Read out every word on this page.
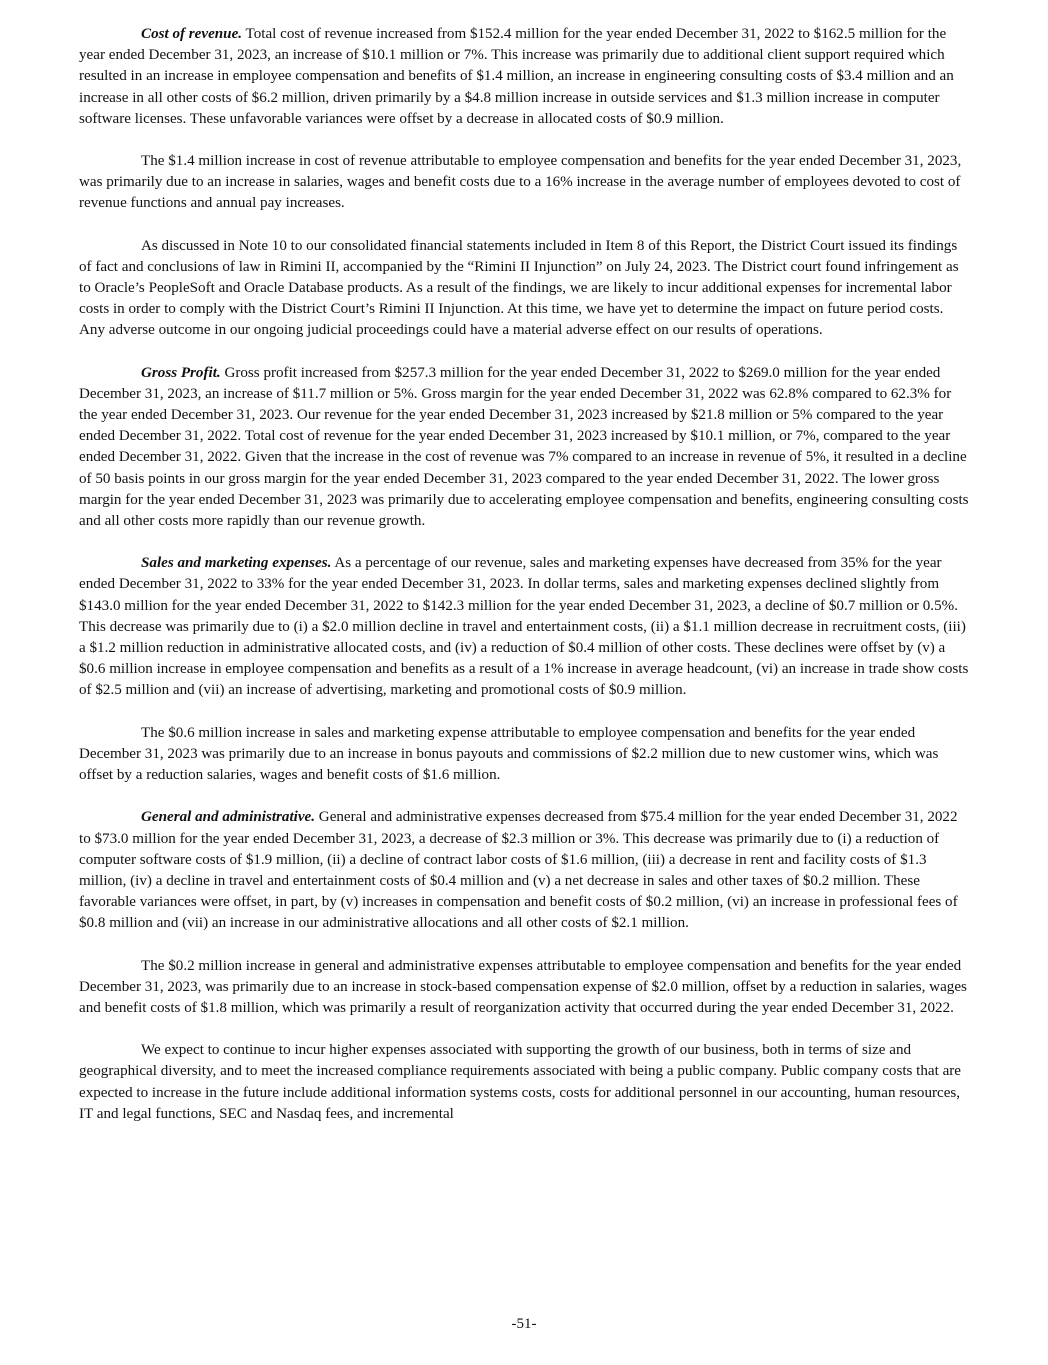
Cost of revenue. Total cost of revenue increased from $152.4 million for the year ended December 31, 2022 to $162.5 million for the year ended December 31, 2023, an increase of $10.1 million or 7%. This increase was primarily due to additional client support required which resulted in an increase in employee compensation and benefits of $1.4 million, an increase in engineering consulting costs of $3.4 million and an increase in all other costs of $6.2 million, driven primarily by a $4.8 million increase in outside services and $1.3 million increase in computer software licenses. These unfavorable variances were offset by a decrease in allocated costs of $0.9 million.

The $1.4 million increase in cost of revenue attributable to employee compensation and benefits for the year ended December 31, 2023, was primarily due to an increase in salaries, wages and benefit costs due to a 16% increase in the average number of employees devoted to cost of revenue functions and annual pay increases.

As discussed in Note 10 to our consolidated financial statements included in Item 8 of this Report, the District Court issued its findings of fact and conclusions of law in Rimini II, accompanied by the “Rimini II Injunction” on July 24, 2023. The District court found infringement as to Oracle’s PeopleSoft and Oracle Database products. As a result of the findings, we are likely to incur additional expenses for incremental labor costs in order to comply with the District Court’s Rimini II Injunction. At this time, we have yet to determine the impact on future period costs. Any adverse outcome in our ongoing judicial proceedings could have a material adverse effect on our results of operations.

Gross Profit. Gross profit increased from $257.3 million for the year ended December 31, 2022 to $269.0 million for the year ended December 31, 2023, an increase of $11.7 million or 5%. Gross margin for the year ended December 31, 2022 was 62.8% compared to 62.3% for the year ended December 31, 2023. Our revenue for the year ended December 31, 2023 increased by $21.8 million or 5% compared to the year ended December 31, 2022. Total cost of revenue for the year ended December 31, 2023 increased by $10.1 million, or 7%, compared to the year ended December 31, 2022. Given that the increase in the cost of revenue was 7% compared to an increase in revenue of 5%, it resulted in a decline of 50 basis points in our gross margin for the year ended December 31, 2023 compared to the year ended December 31, 2022. The lower gross margin for the year ended December 31, 2023 was primarily due to accelerating employee compensation and benefits, engineering consulting costs and all other costs more rapidly than our revenue growth.

Sales and marketing expenses. As a percentage of our revenue, sales and marketing expenses have decreased from 35% for the year ended December 31, 2022 to 33% for the year ended December 31, 2023. In dollar terms, sales and marketing expenses declined slightly from $143.0 million for the year ended December 31, 2022 to $142.3 million for the year ended December 31, 2023, a decline of $0.7 million or 0.5%. This decrease was primarily due to (i) a $2.0 million decline in travel and entertainment costs, (ii) a $1.1 million decrease in recruitment costs, (iii) a $1.2 million reduction in administrative allocated costs, and (iv) a reduction of $0.4 million of other costs. These declines were offset by (v) a $0.6 million increase in employee compensation and benefits as a result of a 1% increase in average headcount, (vi) an increase in trade show costs of $2.5 million and (vii) an increase of advertising, marketing and promotional costs of $0.9 million.

The $0.6 million increase in sales and marketing expense attributable to employee compensation and benefits for the year ended December 31, 2023 was primarily due to an increase in bonus payouts and commissions of $2.2 million due to new customer wins, which was offset by a reduction salaries, wages and benefit costs of $1.6 million.

General and administrative. General and administrative expenses decreased from $75.4 million for the year ended December 31, 2022 to $73.0 million for the year ended December 31, 2023, a decrease of $2.3 million or 3%. This decrease was primarily due to (i) a reduction of computer software costs of $1.9 million, (ii) a decline of contract labor costs of $1.6 million, (iii) a decrease in rent and facility costs of $1.3 million, (iv) a decline in travel and entertainment costs of $0.4 million and (v) a net decrease in sales and other taxes of $0.2 million. These favorable variances were offset, in part, by (v) increases in compensation and benefit costs of $0.2 million, (vi) an increase in professional fees of $0.8 million and (vii) an increase in our administrative allocations and all other costs of $2.1 million.

The $0.2 million increase in general and administrative expenses attributable to employee compensation and benefits for the year ended December 31, 2023, was primarily due to an increase in stock-based compensation expense of $2.0 million, offset by a reduction in salaries, wages and benefit costs of $1.8 million, which was primarily a result of reorganization activity that occurred during the year ended December 31, 2022.

We expect to continue to incur higher expenses associated with supporting the growth of our business, both in terms of size and geographical diversity, and to meet the increased compliance requirements associated with being a public company. Public company costs that are expected to increase in the future include additional information systems costs, costs for additional personnel in our accounting, human resources, IT and legal functions, SEC and Nasdaq fees, and incremental

-51-
